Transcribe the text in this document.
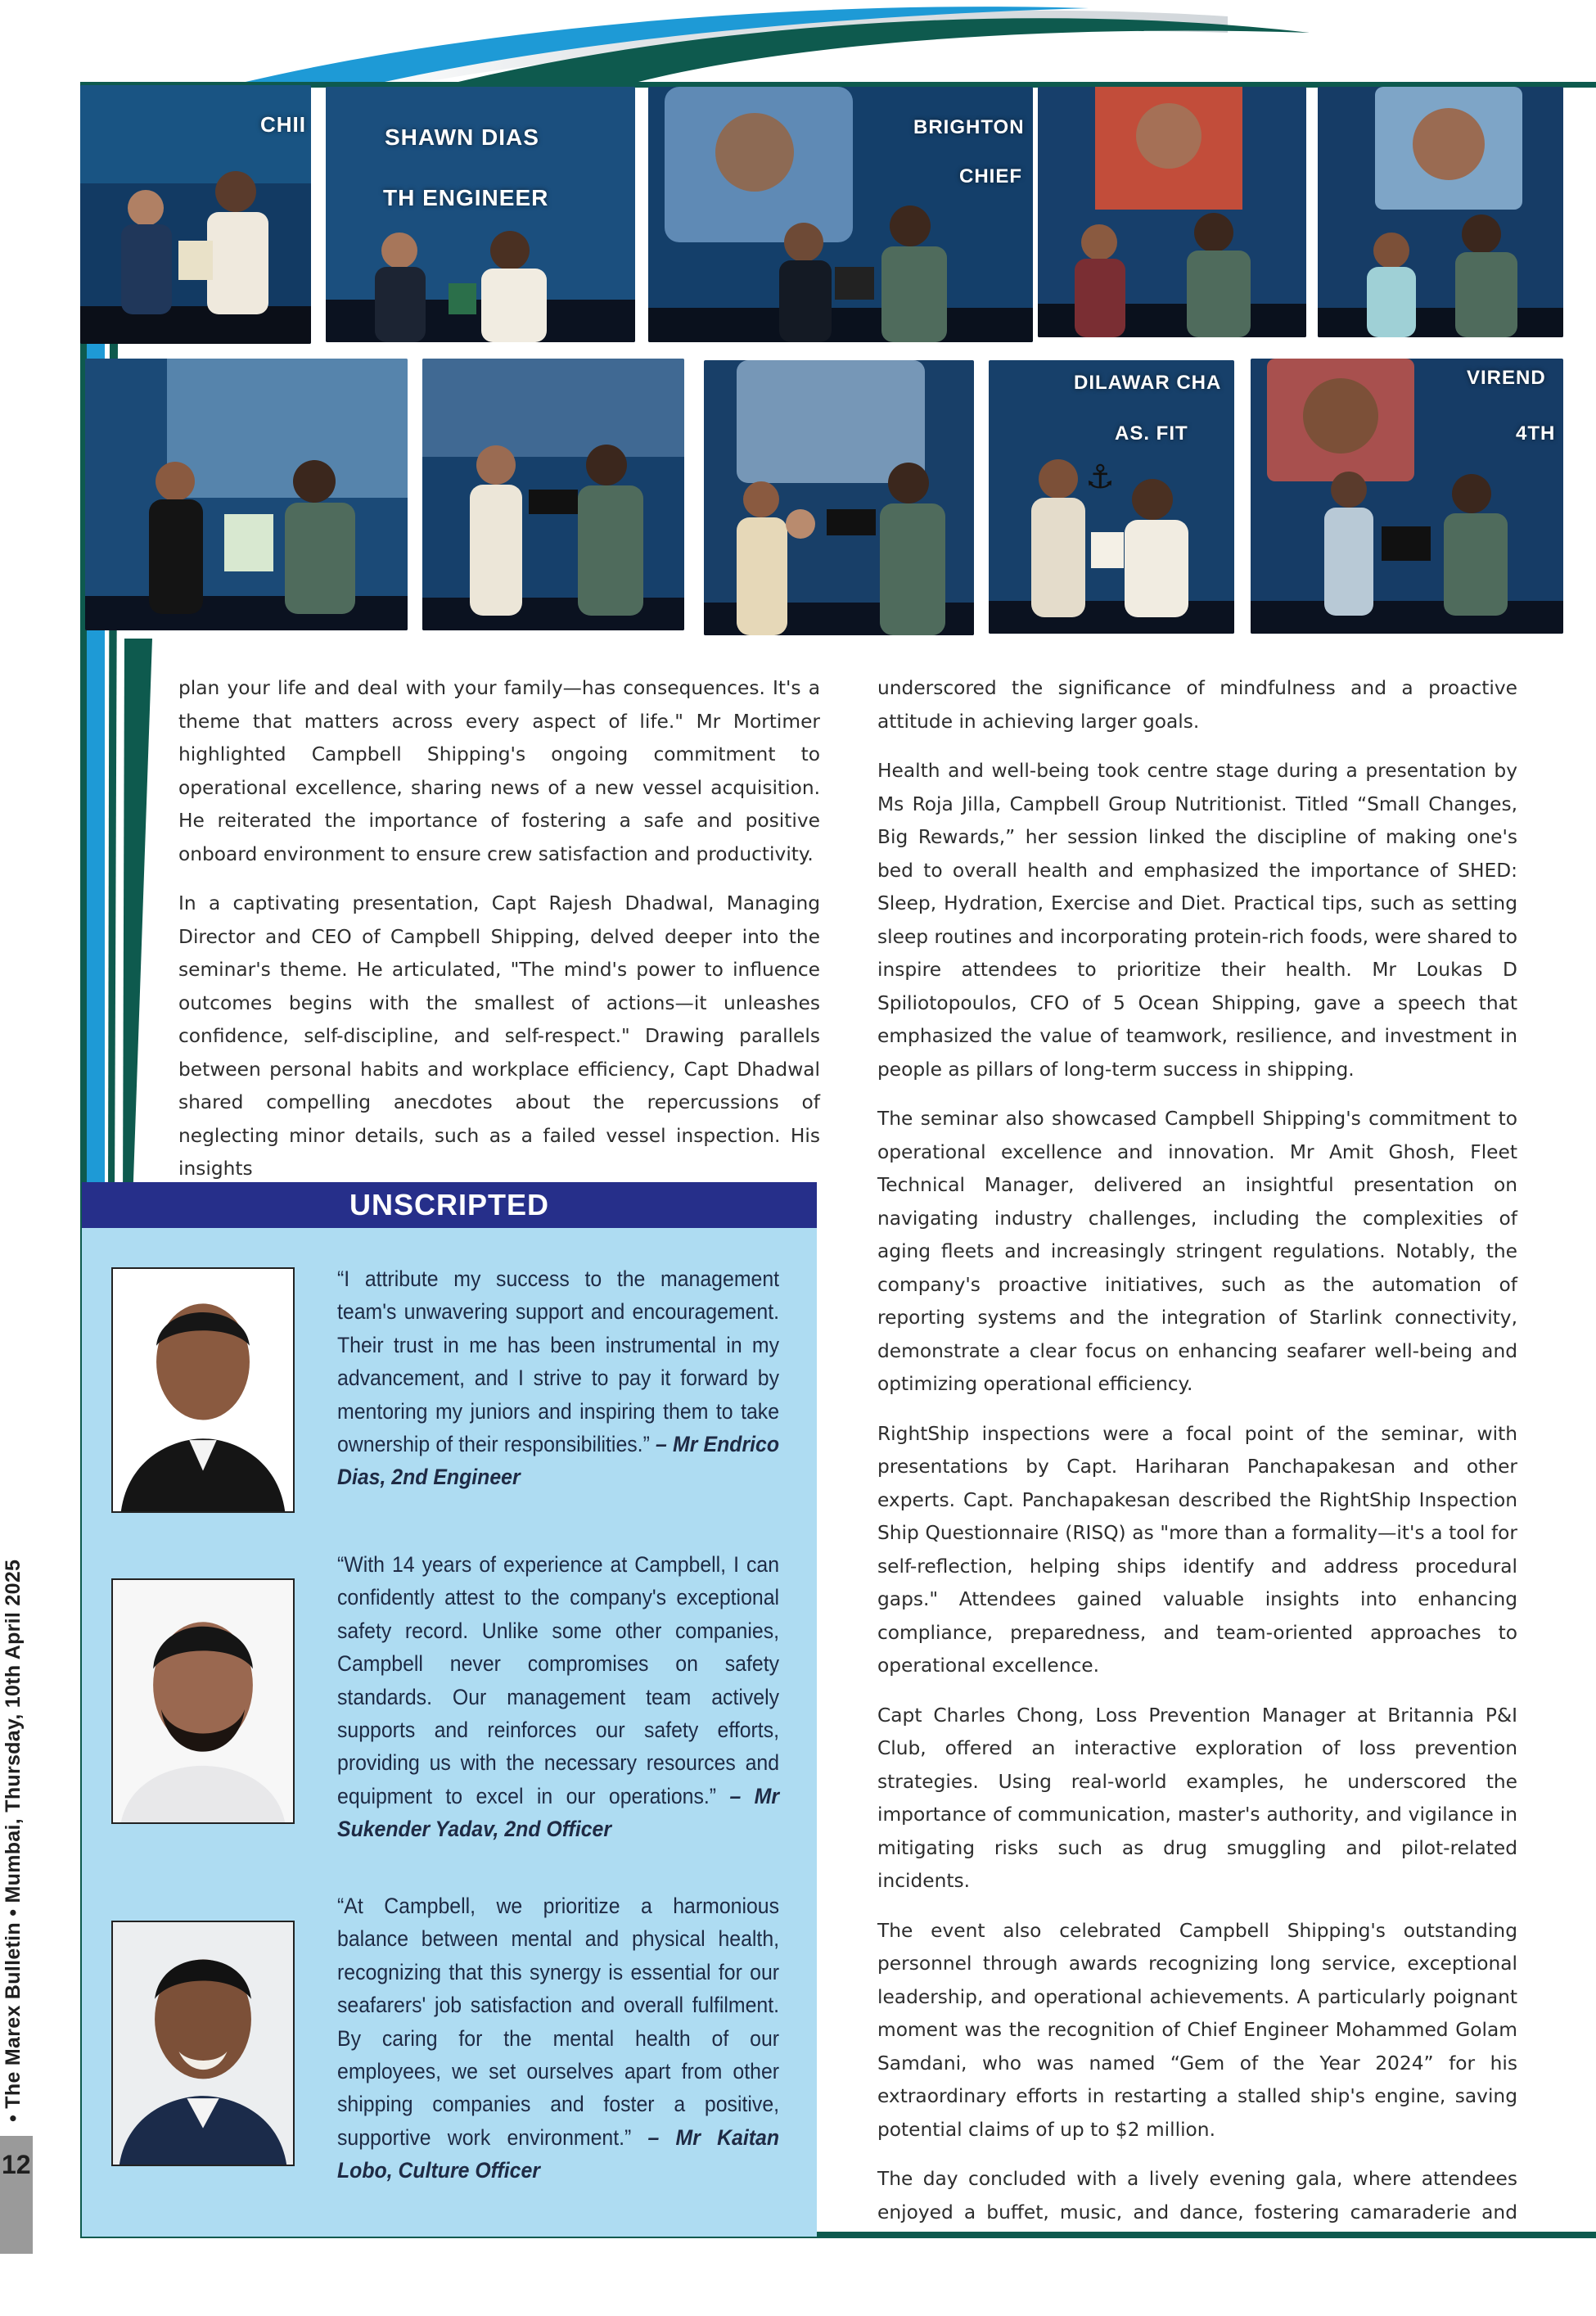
CHII	SHAWN DIAS
TH ENGINEER
BRIGHTON
CHIEF
DILAWAR CHA
AS. FIT
⚓
VIREND
4TH

plan your life and deal with your family—has consequences. It's a theme that matters across every aspect of life." Mr Mortimer highlighted Campbell Shipping's ongoing commitment to operational excellence, sharing news of a new vessel acquisition. He reiterated the importance of fostering a safe and positive onboard environment to ensure crew satisfaction and productivity.

In a captivating presentation, Capt Rajesh Dhadwal, Managing Director and CEO of Campbell Shipping, delved deeper into the seminar's theme. He articulated, "The mind's power to influence outcomes begins with the smallest of actions—it unleashes confidence, self-discipline, and self-respect." Drawing parallels between personal habits and workplace efficiency, Capt Dhadwal shared compelling anecdotes about the repercussions of neglecting minor details, such as a failed vessel inspection. His insights

underscored the significance of mindfulness and a proactive attitude in achieving larger goals.

Health and well-being took centre stage during a presentation by Ms Roja Jilla, Campbell Group Nutritionist. Titled “Small Changes, Big Rewards,” her session linked the discipline of making one's bed to overall health and emphasized the importance of SHED: Sleep, Hydration, Exercise and Diet. Practical tips, such as setting sleep routines and incorporating protein-rich foods, were shared to inspire attendees to prioritize their health. Mr Loukas D Spiliotopoulos, CFO of 5 Ocean Shipping, gave a speech that emphasized the value of teamwork, resilience, and investment in people as pillars of long-term success in shipping.

The seminar also showcased Campbell Shipping's commitment to operational excellence and innovation. Mr Amit Ghosh, Fleet Technical Manager, delivered an insightful presentation on navigating industry challenges, including the complexities of aging fleets and increasingly stringent regulations. Notably, the company's proactive initiatives, such as the automation of reporting systems and the integration of Starlink connectivity, demonstrate a clear focus on enhancing seafarer well-being and optimizing operational efficiency.

RightShip inspections were a focal point of the seminar, with presentations by Capt. Hariharan Panchapakesan and other experts. Capt. Panchapakesan described the RightShip Inspection Ship Questionnaire (RISQ) as "more than a formality—it's a tool for self-reflection, helping ships identify and address procedural gaps." Attendees gained valuable insights into enhancing compliance, preparedness, and team-oriented approaches to operational excellence.

Capt Charles Chong, Loss Prevention Manager at Britannia P&I Club, offered an interactive exploration of loss prevention strategies. Using real-world examples, he underscored the importance of communication, master's authority, and vigilance in mitigating risks such as drug smuggling and pilot-related incidents.

The event also celebrated Campbell Shipping's outstanding personnel through awards recognizing long service, exceptional leadership, and operational achievements. A particularly poignant moment was the recognition of Chief Engineer Mohammed Golam Samdani, who was named “Gem of the Year 2024” for his extraordinary efforts in restarting a stalled ship's engine, saving potential claims of up to $2 million.

The day concluded with a lively evening gala, where attendees enjoyed a buffet, music, and dance, fostering camaraderie and

UNSCRIPTED
“I attribute my success to the management team's unwavering support and encouragement. Their trust in me has been instrumental in my advancement, and I strive to pay it forward by mentoring my juniors and inspiring them to take ownership of their responsibilities.” – Mr Endrico Dias, 2nd Engineer
“With 14 years of experience at Campbell, I can confidently attest to the company's exceptional safety record. Unlike some other companies, Campbell never compromises on safety standards. Our management team actively supports and reinforces our safety efforts, providing us with the necessary resources and equipment to excel in our operations.” – Mr Sukender Yadav, 2nd Officer
“At Campbell, we prioritize a harmonious balance between mental and physical health, recognizing that this synergy is essential for our seafarers' job satisfaction and overall fulfilment. By caring for the mental health of our employees, we set ourselves apart from other shipping companies and foster a positive, supportive work environment.” – Mr Kaitan Lobo, Culture Officer
12
• The Marex Bulletin • Mumbai, Thursday, 10th April 2025
